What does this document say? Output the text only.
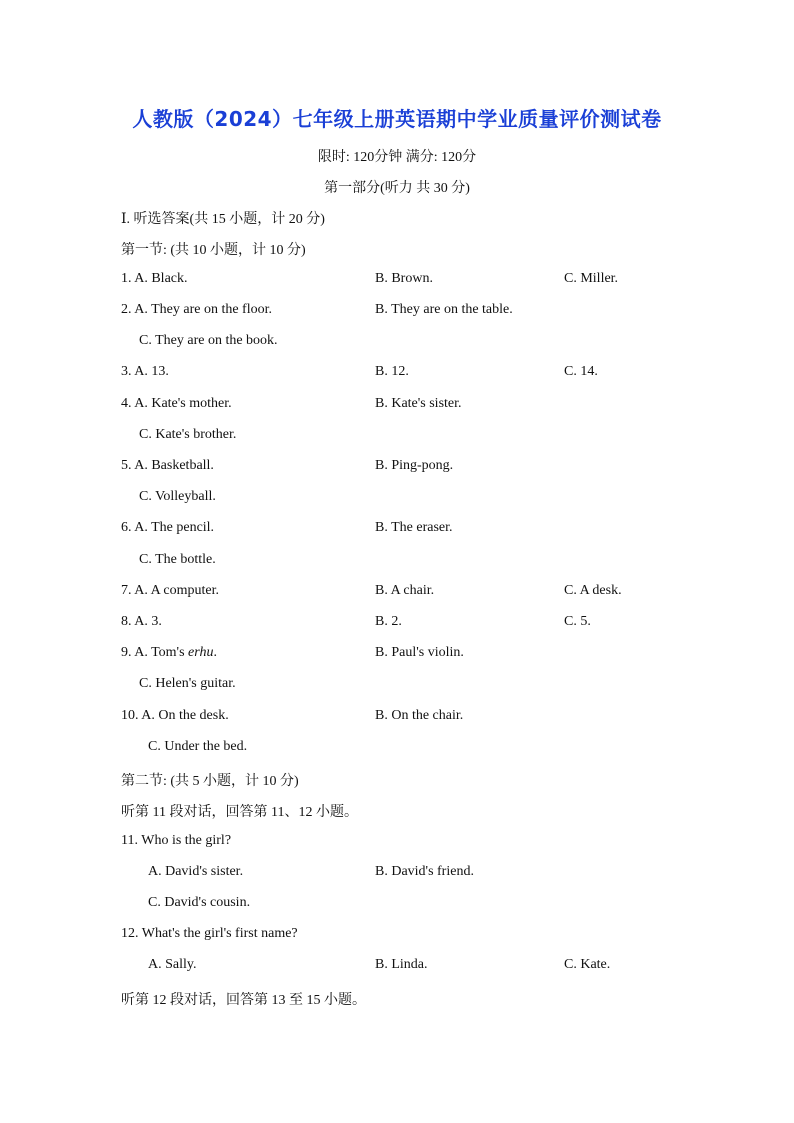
人教版（2024）七年级上册英语期中学业质量评价测试卷
限时: 120分钟 满分: 120分
第一部分(听力 共 30 分)
Ⅰ. 听选答案(共 15 小题，计 20 分)
第一节: (共 10 小题，计 10 分)
1. A. Black.	B. Brown.	C. Miller.
2. A. They are on the floor.	B. They are on the table.
C. They are on the book.
3. A. 13.	B. 12.	C. 14.
4. A. Kate's mother.	B. Kate's sister.
C. Kate's brother.
5. A. Basketball.	B. Ping-pong.
C. Volleyball.
6. A. The pencil.	B. The eraser.
C. The bottle.
7. A. A computer.	B. A chair.	C. A desk.
8. A. 3.	B. 2.	C. 5.
9. A. Tom's erhu.	B. Paul's violin.
C. Helen's guitar.
10. A. On the desk.	B. On the chair.
C. Under the bed.
第二节: (共 5 小题，计 10 分)
听第 11 段对话，回答第 11、12 小题。
11. Who is the girl?
A. David's sister.	B. David's friend.
C. David's cousin.
12. What's the girl's first name?
A. Sally.	B. Linda.	C. Kate.
听第 12 段对话，回答第 13 至 15 小题。
